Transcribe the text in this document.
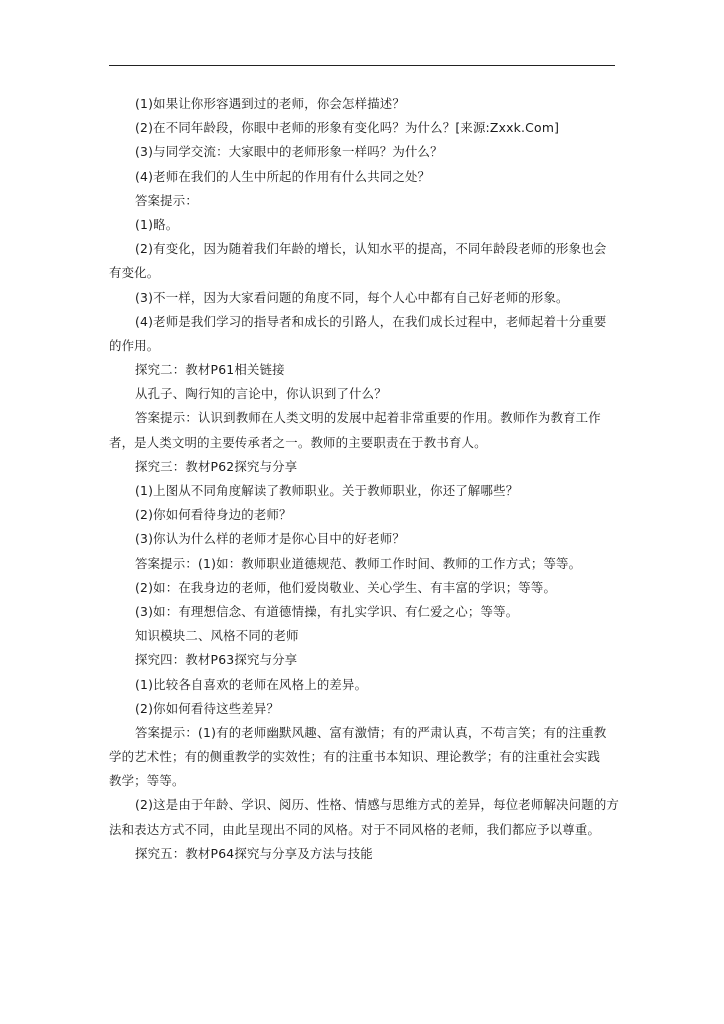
(1)如果让你形容遇到过的老师，你会怎样描述？
(2)在不同年龄段，你眼中老师的形象有变化吗？为什么？[来源:Zxxk.Com]
(3)与同学交流：大家眼中的老师形象一样吗？为什么？
(4)老师在我们的人生中所起的作用有什么共同之处？
答案提示：
(1)略。
(2)有变化，因为随着我们年龄的增长，认知水平的提高，不同年龄段老师的形象也会
有变化。
(3)不一样，因为大家看问题的角度不同，每个人心中都有自己好老师的形象。
(4)老师是我们学习的指导者和成长的引路人，在我们成长过程中，老师起着十分重要
的作用。
探究二：教材P61相关链接
从孔子、陶行知的言论中，你认识到了什么？
答案提示：认识到教师在人类文明的发展中起着非常重要的作用。教师作为教育工作
者，是人类文明的主要传承者之一。教师的主要职责在于教书育人。
探究三：教材P62探究与分享
(1)上图从不同角度解读了教师职业。关于教师职业，你还了解哪些？
(2)你如何看待身边的老师？
(3)你认为什么样的老师才是你心目中的好老师？
答案提示：(1)如：教师职业道德规范、教师工作时间、教师的工作方式；等等。
(2)如：在我身边的老师，他们爱岗敬业、关心学生、有丰富的学识；等等。
(3)如：有理想信念、有道德情操，有扎实学识、有仁爱之心；等等。
知识模块二、风格不同的老师
探究四：教材P63探究与分享
(1)比较各自喜欢的老师在风格上的差异。
(2)你如何看待这些差异？
答案提示：(1)有的老师幽默风趣、富有激情；有的严肃认真，不苟言笑；有的注重教
学的艺术性；有的侧重教学的实效性；有的注重书本知识、理论教学；有的注重社会实践
教学；等等。
(2)这是由于年龄、学识、阅历、性格、情感与思维方式的差异，每位老师解决问题的方
法和表达方式不同，由此呈现出不同的风格。对于不同风格的老师，我们都应予以尊重。
探究五：教材P64探究与分享及方法与技能
